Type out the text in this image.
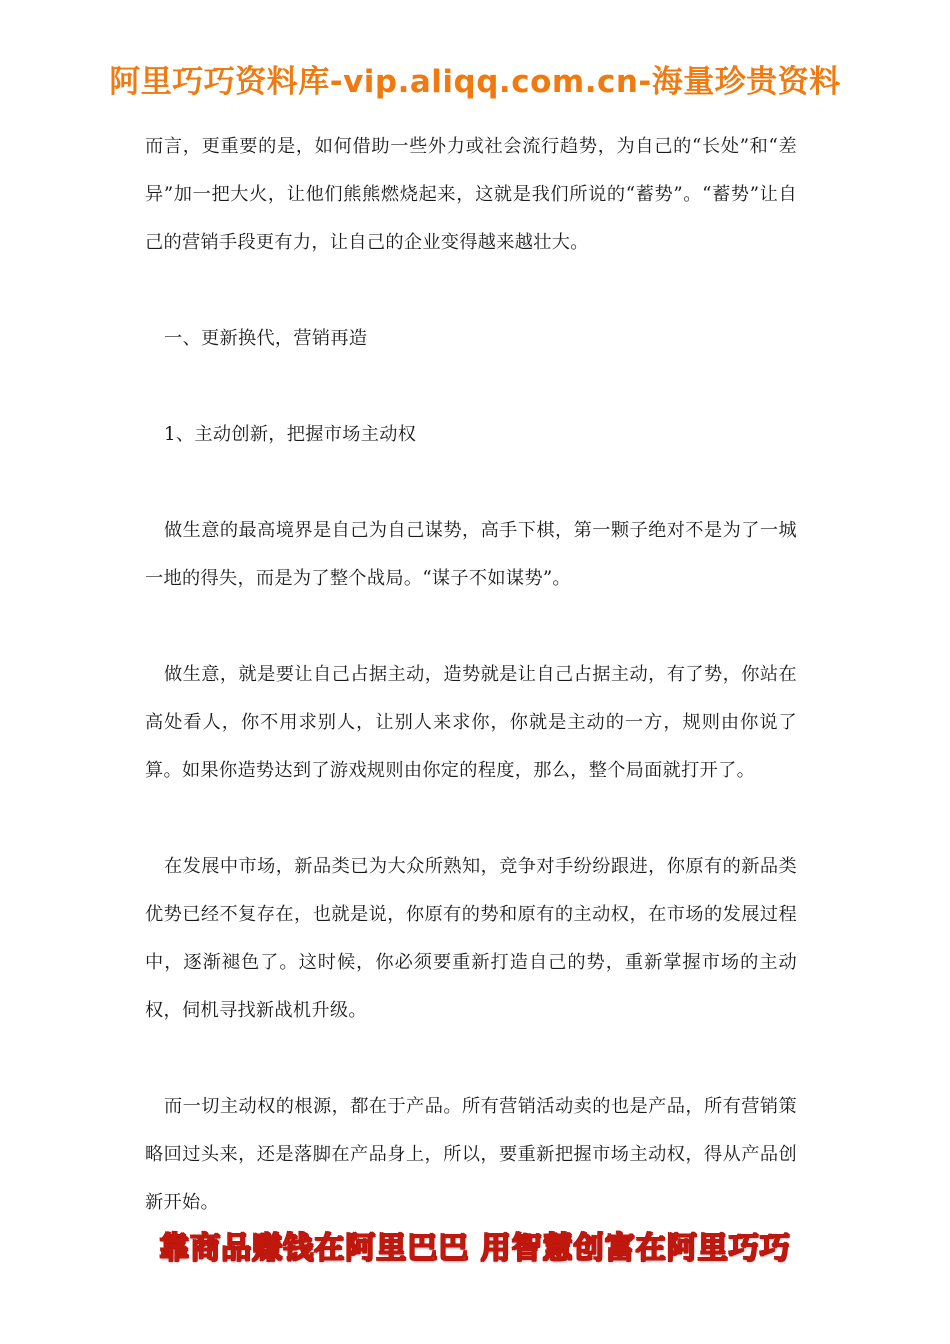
阿里巧巧资料库-vip.aliqq.com.cn-海量珍贵资料

而言，更重要的是，如何借助一些外力或社会流行趋势，为自己的“长处”和“差异”加一把大火，让他们熊熊燃烧起来，这就是我们所说的“蓄势”。“蓄势”让自己的营销手段更有力，让自己的企业变得越来越壮大。

一、更新换代，营销再造

1、主动创新，把握市场主动权

做生意的最高境界是自己为自己谋势，高手下棋，第一颗子绝对不是为了一城一地的得失，而是为了整个战局。“谋子不如谋势”。

做生意，就是要让自己占据主动，造势就是让自己占据主动，有了势，你站在高处看人，你不用求别人，让别人来求你，你就是主动的一方，规则由你说了算。如果你造势达到了游戏规则由你定的程度，那么，整个局面就打开了。

在发展中市场，新品类已为大众所熟知，竞争对手纷纷跟进，你原有的新品类优势已经不复存在，也就是说，你原有的势和原有的主动权，在市场的发展过程中，逐渐褪色了。这时候，你必须要重新打造自己的势，重新掌握市场的主动权，伺机寻找新战机升级。

而一切主动权的根源，都在于产品。所有营销活动卖的也是产品，所有营销策略回过头来，还是落脚在产品身上，所以，要重新把握市场主动权，得从产品创新开始。

靠商品赚钱在阿里巴巴 用智慧创富在阿里巧巧
